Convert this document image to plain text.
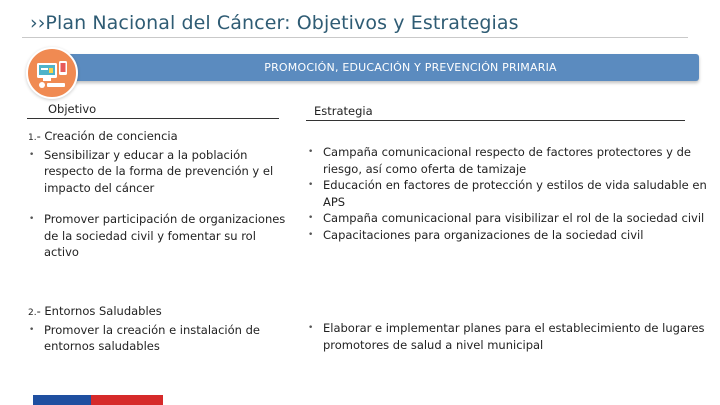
››Plan Nacional del Cáncer: Objetivos y Estrategias
PROMOCIÓN, EDUCACIÓN Y PREVENCIÓN PRIMARIA
Objetivo	Estrategia
1.- Creación de conciencia
• Sensibilizar y educar a la población respecto de la forma de prevención y el impacto del cáncer
• Promover participación de organizaciones de la sociedad civil y fomentar su rol activo
2.- Entornos Saludables
• Promover la creación e instalación de entornos saludables
• Campaña comunicacional respecto de factores protectores y de riesgo, así como oferta de tamizaje
• Educación en factores de protección y estilos de vida saludable en APS
• Campaña comunicacional para visibilizar el rol de la sociedad civil
• Capacitaciones para organizaciones de la sociedad civil
• Elaborar e implementar planes para el establecimiento de lugares promotores de salud a nivel municipal
